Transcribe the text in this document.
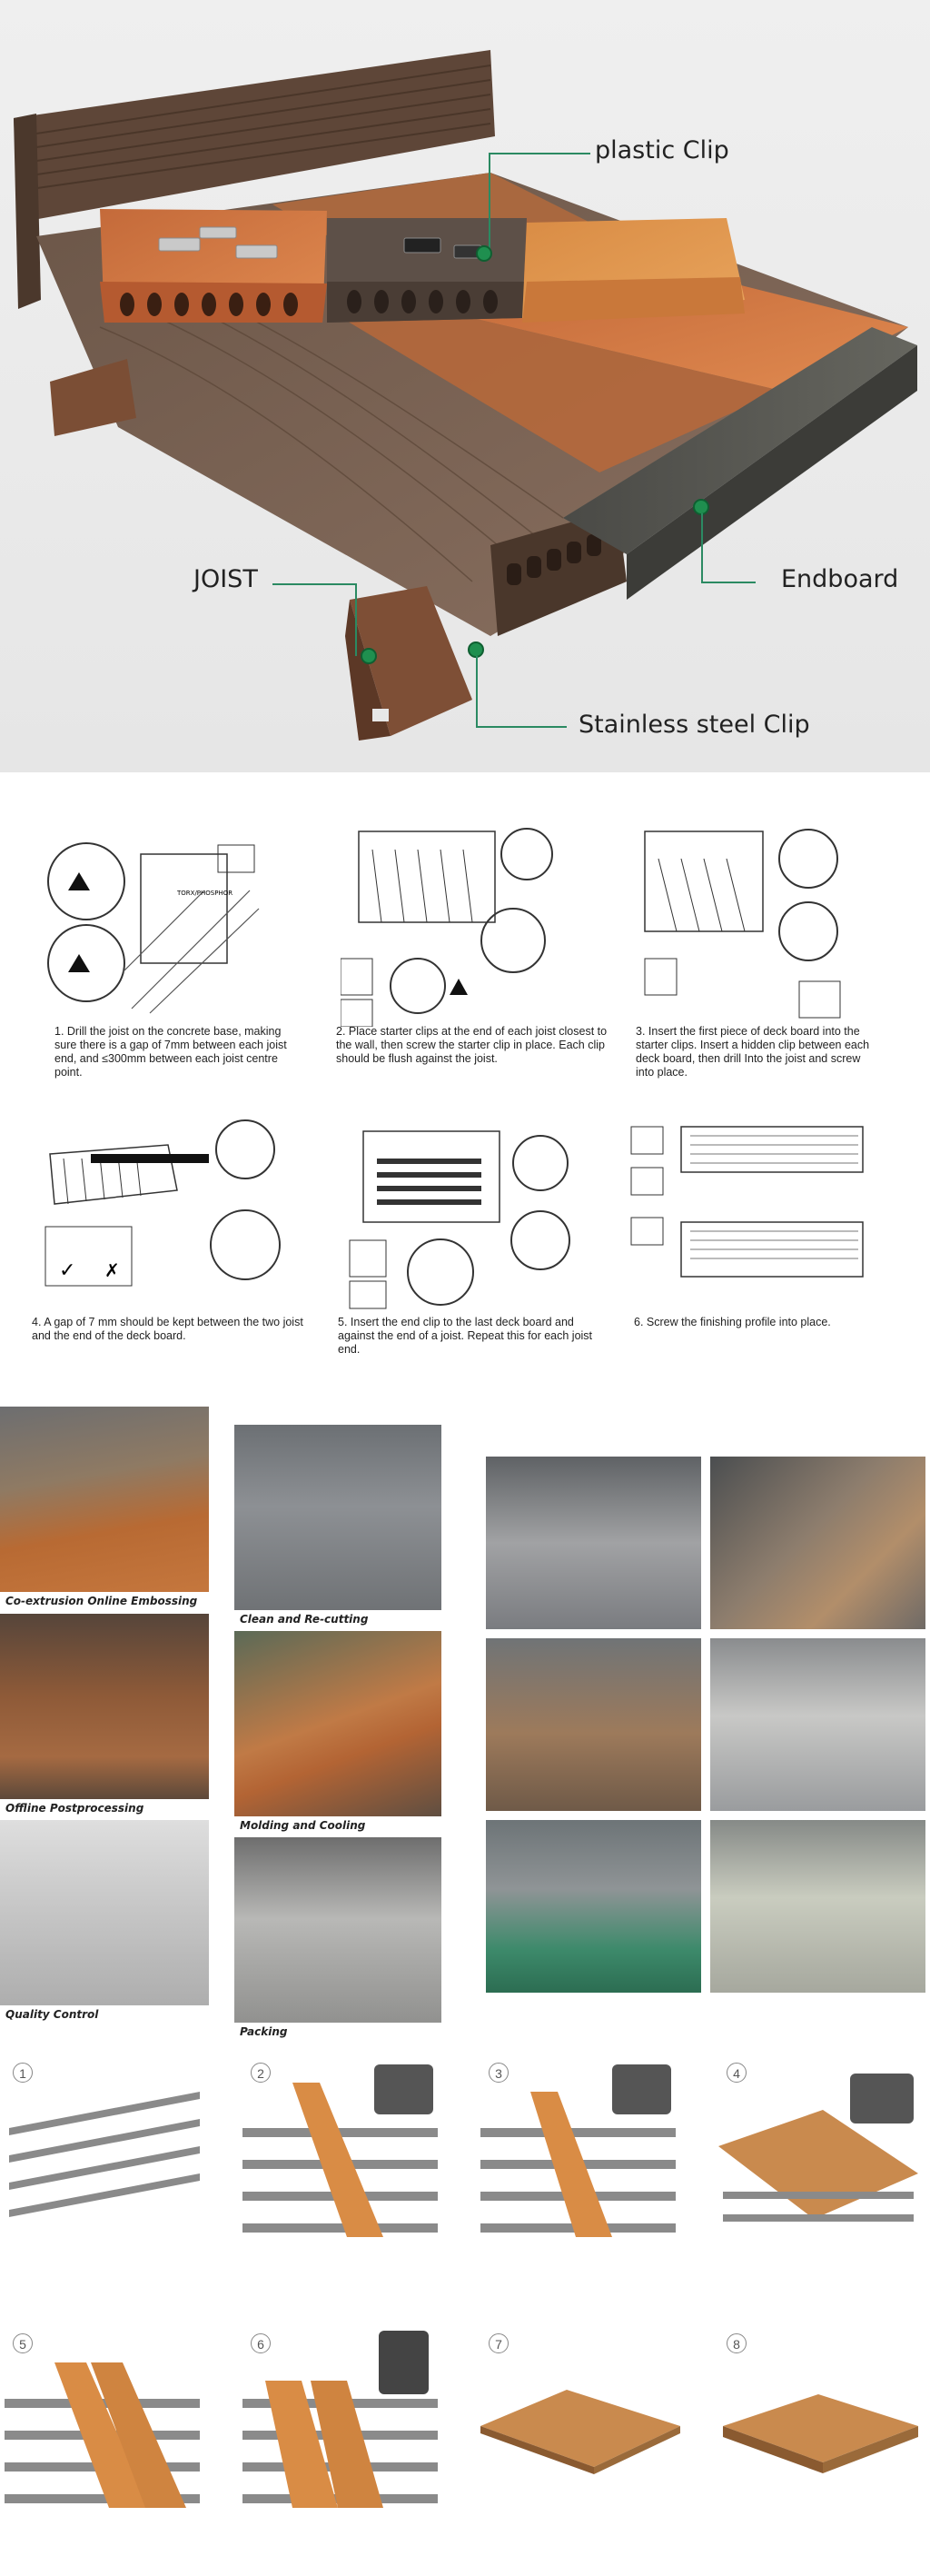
plastic Clip
JOIST	Endboard
Stainless steel Clip
TORX/PHOSPHOR
1. Drill the joist on the concrete base, making sure there is a gap of 7mm between each joist end, and ≤300mm between each joist centre point.
2. Place starter clips at the end of each joist closest to the wall, then screw the starter clip in place. Each clip should be flush against the joist.
3. Insert the first piece of deck board into the starter clips. Insert a hidden clip between each deck board, then drill Into the joist and screw into place.
✓ ✗
4. A gap of 7 mm should be kept between the two joist and the end of the deck board.
5. Insert the end clip to the last deck board and against the end of a joist. Repeat this for each joist end.
6. Screw the finishing profile into place.
Co-extrusion Online Embossing
Clean and Re-cutting
Offline Postprocessing
Molding and Cooling
Quality Control
Packing
1	2	3	4
5	6	7	8
